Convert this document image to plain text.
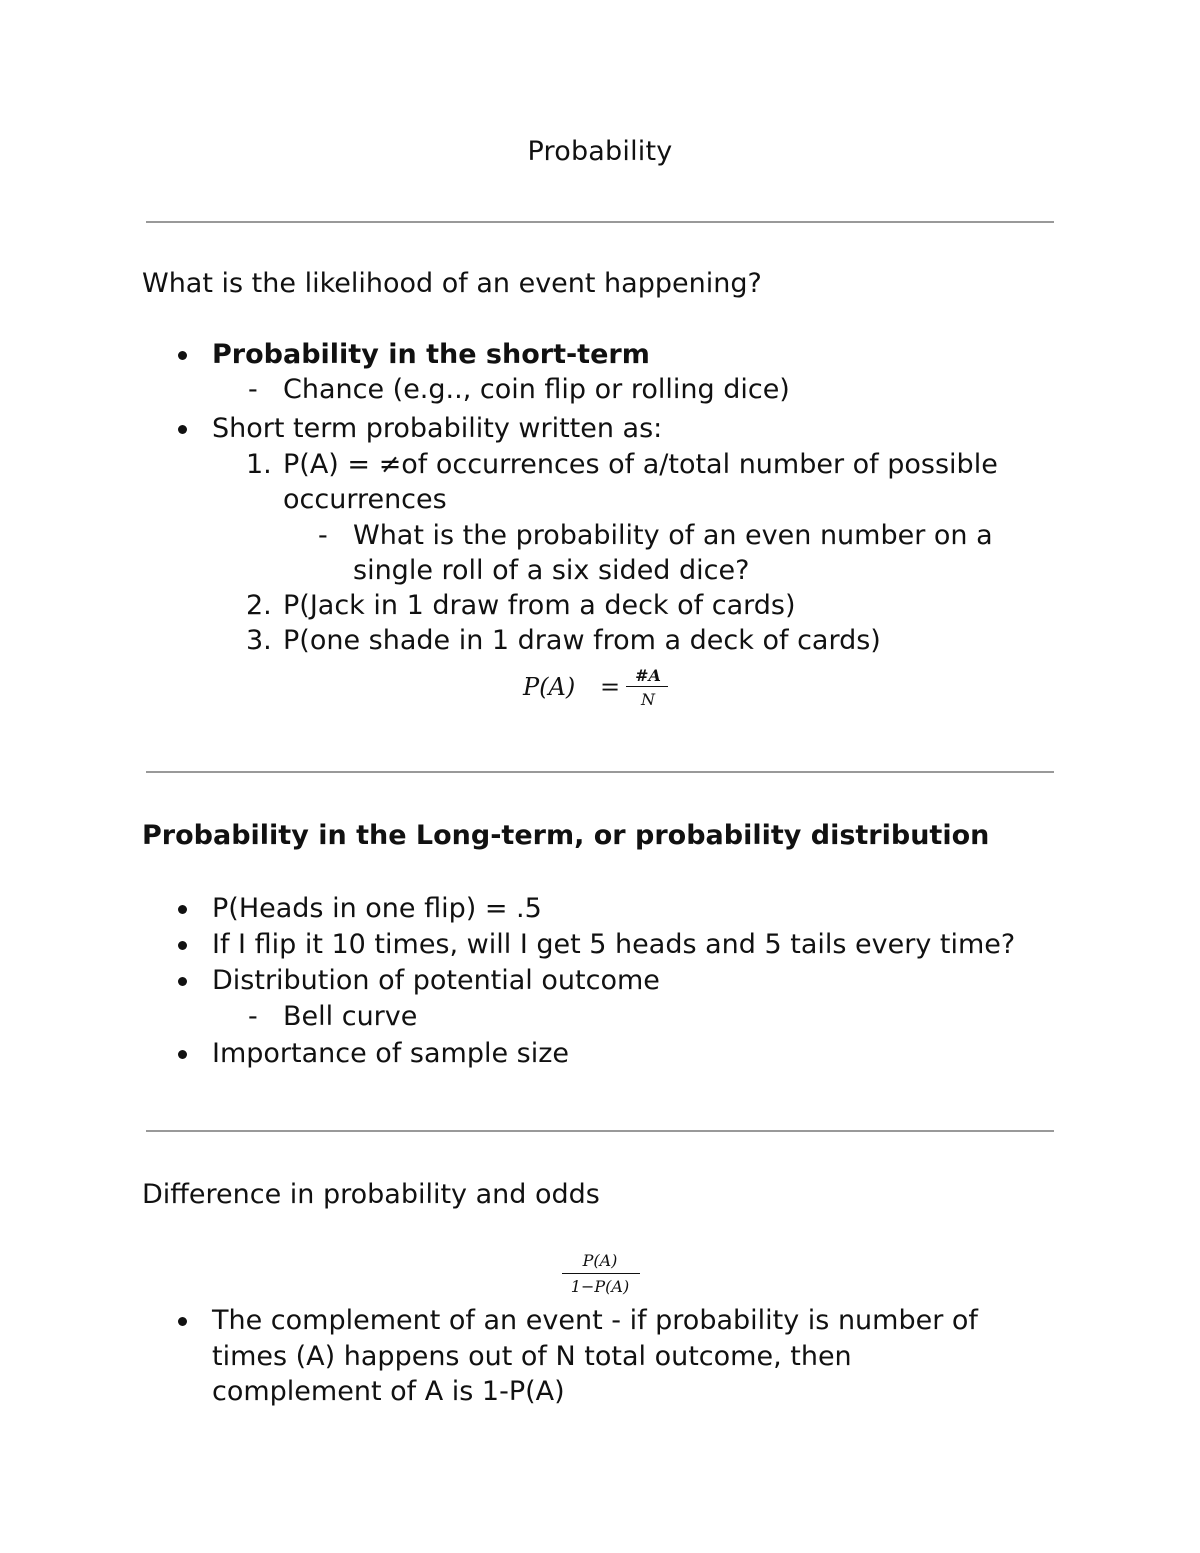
Probability
What is the likelihood of an event happening?
Probability in the short-term
- Chance (e.g.., coin flip or rolling dice)
Short term probability written as:
1. P(A) = ≠of occurrences of a/total number of possible
occurrences
- What is the probability of an even number on a
single roll of a six sided dice?
2. P(Jack in 1 draw from a deck of cards)
3. P(one shade in 1 draw from a deck of cards)
P(A) = #A
N
Probability in the Long-term, or probability distribution
P(Heads in one flip) = .5
If I flip it 10 times, will I get 5 heads and 5 tails every time?
Distribution of potential outcome
- Bell curve
Importance of sample size
Difference in probability and odds
P(A)
1−P(A)
The complement of an event - if probability is number of
times (A) happens out of N total outcome, then
complement of A is 1-P(A)
